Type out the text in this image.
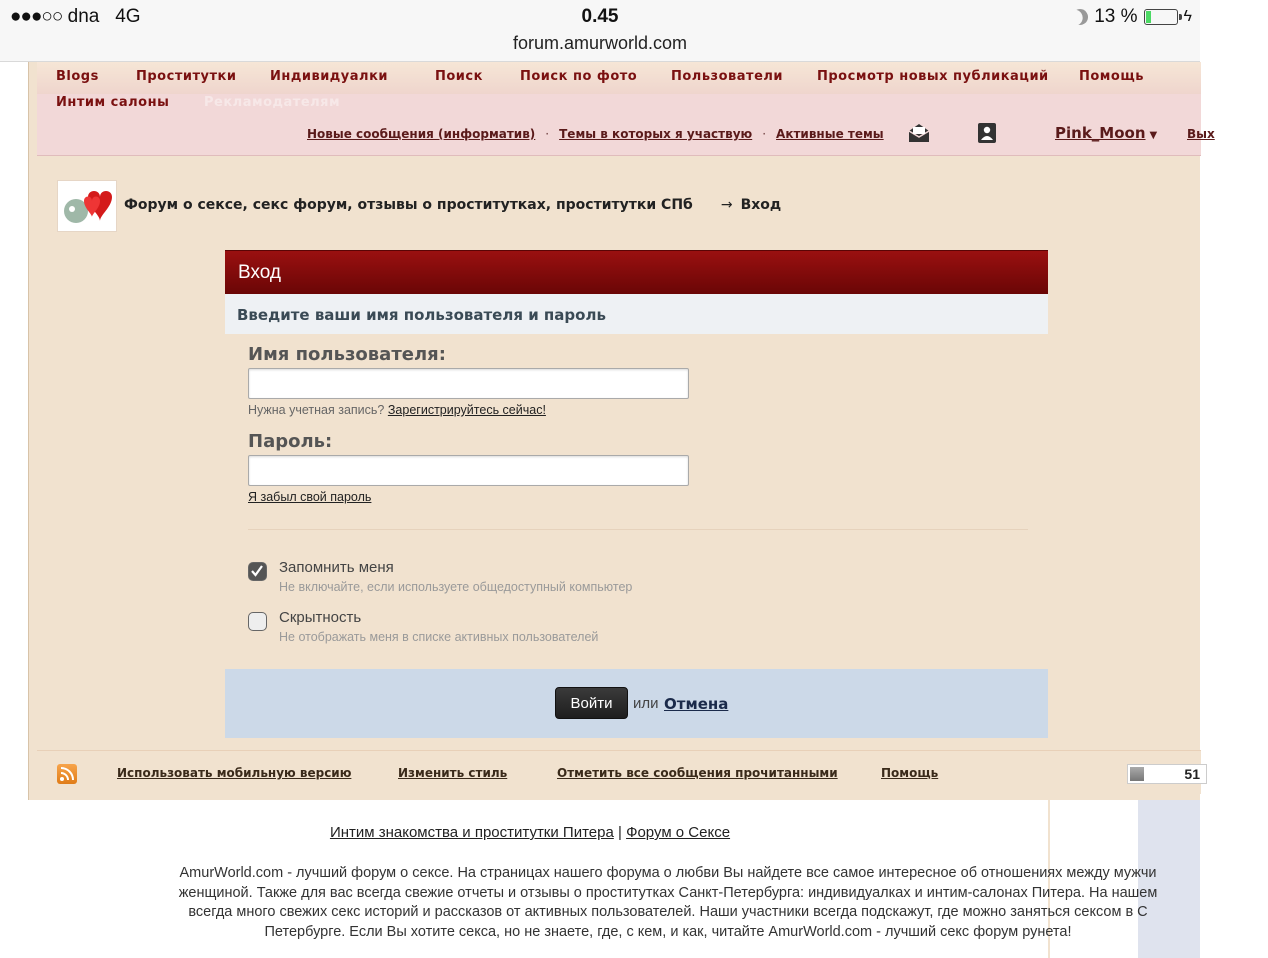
●●●○○ dna 4G	0.45
forum.amurworld.com
13 %	ϟ
Blogs	Проститутки	Индивидуалки	Поиск	Поиск по фото	Пользователи	Просмотр новых публикаций Помощь
Интим салоны	Рекламодателям
Новые сообщения (информатив) · Темы в которых я участвую · Активные темы	Pink_Moon ▼ Вых
Форум о сексе, секс форум, отзывы о проститутках, проститутки СПб → Вход
Вход
Введите ваши имя пользователя и пароль
Имя пользователя:
Нужна учетная запись? Зарегистрируйтесь сейчас!
Пароль:
Я забыл свой пароль
Запомнить меня
Не включайте, если используете общедоступный компьютер
Скрытность
Не отображать меня в списке активных пользователей
Войти	или Отмена
Использовать мобильную версию	Изменить стиль	Отметить все сообщения прочитанными	Помощь	51
Интим знакомства и проститутки Питера | Форум о Сексе
AmurWorld.com - лучший форум о сексе. На страницах нашего форума о любви Вы найдете все самое интересное об отношениях между мужчи
женщиной. Также для вас всегда свежие отчеты и отзывы о проститутках Санкт-Петербурга: индивидуалках и интим-салонах Питера. На нашем
всегда много свежих секс историй и рассказов от активных пользователей. Наши участники всегда подскажут, где можно заняться сексом в С
Петербурге. Если Вы хотите секса, но не знаете, где, с кем, и как, читайте AmurWorld.com - лучший секс форум рунета!
